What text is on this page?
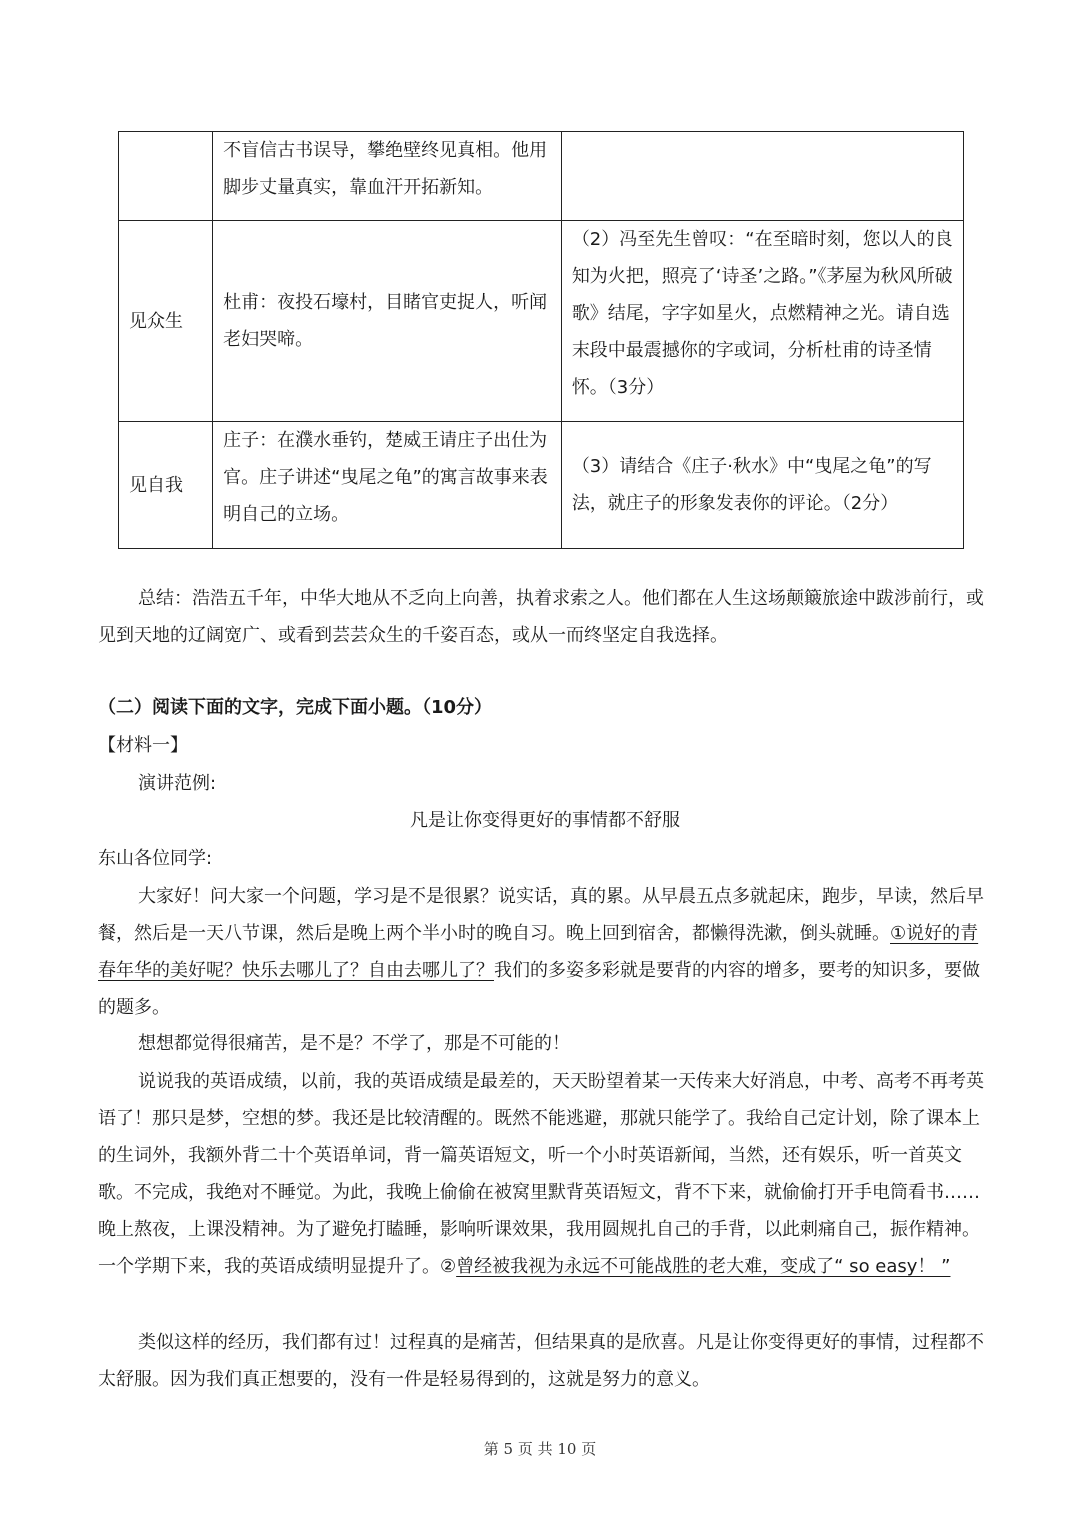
	不盲信古书误导，攀绝壁终见真相。他用脚步丈量真实，靠血汗开拓新知。	
见众生	杜甫：夜投石壕村，目睹官吏捉人，听闻老妇哭啼。	（2）冯至先生曾叹：“在至暗时刻，您以人的良知为火把，照亮了‘诗圣’之路。”《茅屋为秋风所破歌》结尾，字字如星火，点燃精神之光。请自选末段中最震撼你的字或词，分析杜甫的诗圣情怀。（3分）
见自我	庄子：在濮水垂钓，楚威王请庄子出仕为官。庄子讲述“曳尾之龟”的寓言故事来表明自己的立场。	（3）请结合《庄子·秋水》中“曳尾之龟”的写法，就庄子的形象发表你的评论。（2分）

总结：浩浩五千年，中华大地从不乏向上向善，执着求索之人。他们都在人生这场颠簸旅途中跋涉前行，或见到天地的辽阔宽广、或看到芸芸众生的千姿百态，或从一而终坚定自我选择。

（二）阅读下面的文字，完成下面小题。（10分）

【材料一】

演讲范例:

凡是让你变得更好的事情都不舒服

东山各位同学:

大家好！问大家一个问题，学习是不是很累？说实话，真的累。从早晨五点多就起床，跑步，早读，然后早餐，然后是一天八节课，然后是晚上两个半小时的晚自习。晚上回到宿舍，都懒得洗漱，倒头就睡。①说好的青春年华的美好呢？快乐去哪儿了？自由去哪儿了？我们的多姿多彩就是要背的内容的增多，要考的知识多，要做的题多。

想想都觉得很痛苦，是不是？不学了，那是不可能的！

说说我的英语成绩，以前，我的英语成绩是最差的，天天盼望着某一天传来大好消息，中考、高考不再考英语了！那只是梦，空想的梦。我还是比较清醒的。既然不能逃避，那就只能学了。我给自己定计划，除了课本上的生词外，我额外背二十个英语单词，背一篇英语短文，听一个小时英语新闻，当然，还有娱乐，听一首英文歌。不完成，我绝对不睡觉。为此，我晚上偷偷在被窝里默背英语短文，背不下来，就偷偷打开手电筒看书……晚上熬夜，上课没精神。为了避免打瞌睡，影响听课效果，我用圆规扎自己的手背，以此刺痛自己，振作精神。一个学期下来，我的英语成绩明显提升了。②曾经被我视为永远不可能战胜的老大难，变成了“ so easy！ ”

类似这样的经历，我们都有过！过程真的是痛苦，但结果真的是欣喜。凡是让你变得更好的事情，过程都不太舒服。因为我们真正想要的，没有一件是轻易得到的，这就是努力的意义。

第 5 页 共 10 页
